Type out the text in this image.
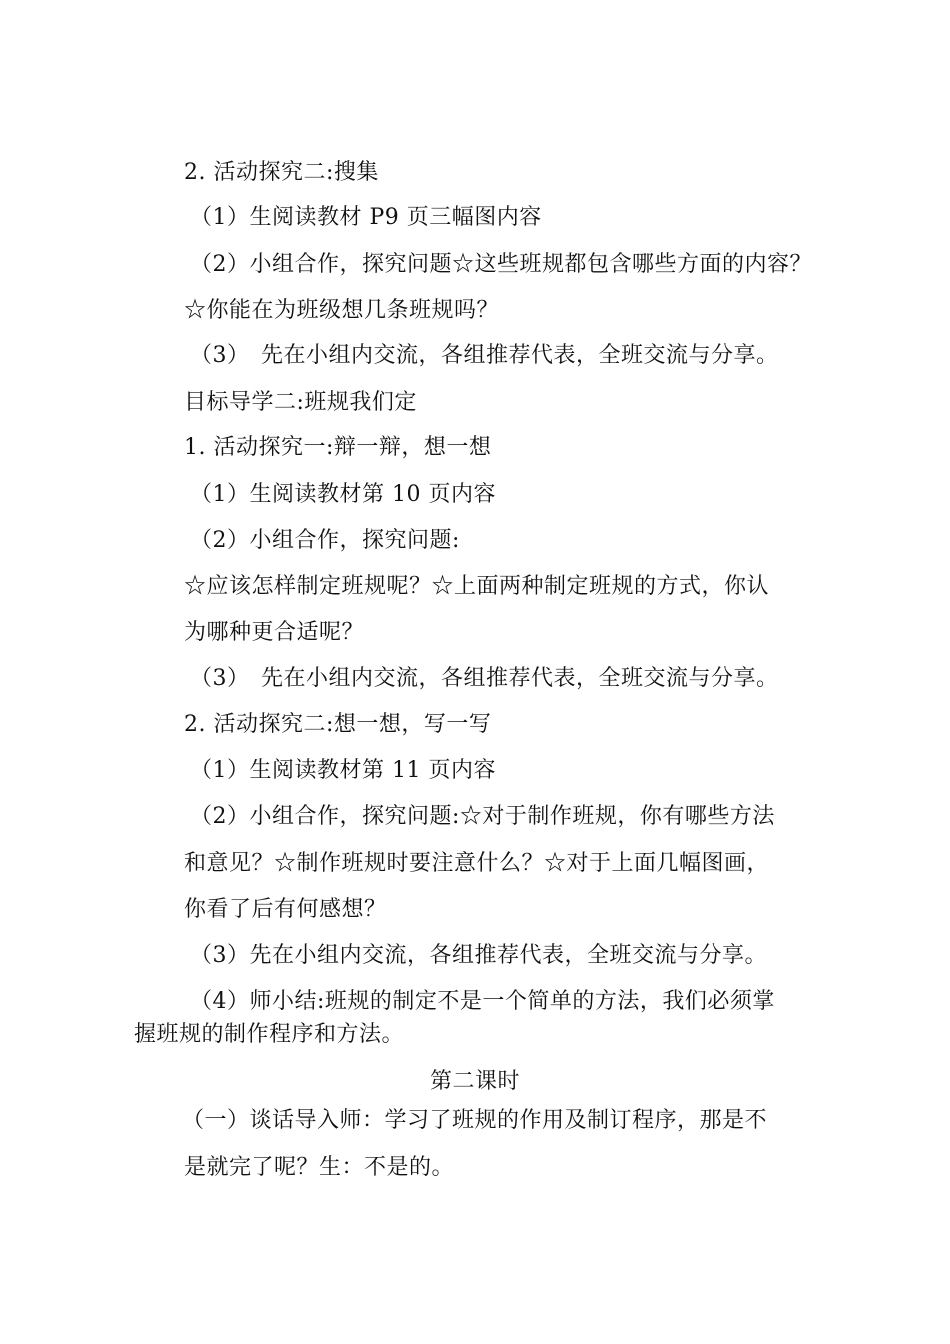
2. 活动探究二:搜集
（1）生阅读教材 P9 页三幅图内容
（2）小组合作，探究问题☆这些班规都包含哪些方面的内容？
☆你能在为班级想几条班规吗？
（3）　先在小组内交流，各组推荐代表，全班交流与分享。
目标导学二:班规我们定
1. 活动探究一:辩一辩，想一想
（1）生阅读教材第 10 页内容
（2）小组合作，探究问题:
☆应该怎样制定班规呢？☆上面两种制定班规的方式，你认
为哪种更合适呢？
（3）　先在小组内交流，各组推荐代表，全班交流与分享。
2. 活动探究二:想一想，写一写
（1）生阅读教材第 11 页内容
（2）小组合作，探究问题:☆对于制作班规，你有哪些方法
和意见？☆制作班规时要注意什么？☆对于上面几幅图画，
你看了后有何感想？
（3）先在小组内交流，各组推荐代表，全班交流与分享。
（4）师小结:班规的制定不是一个简单的方法，我们必须掌
握班规的制作程序和方法。
第二课时
（一）谈话导入师：学习了班规的作用及制订程序，那是不
是就完了呢？生：不是的。
